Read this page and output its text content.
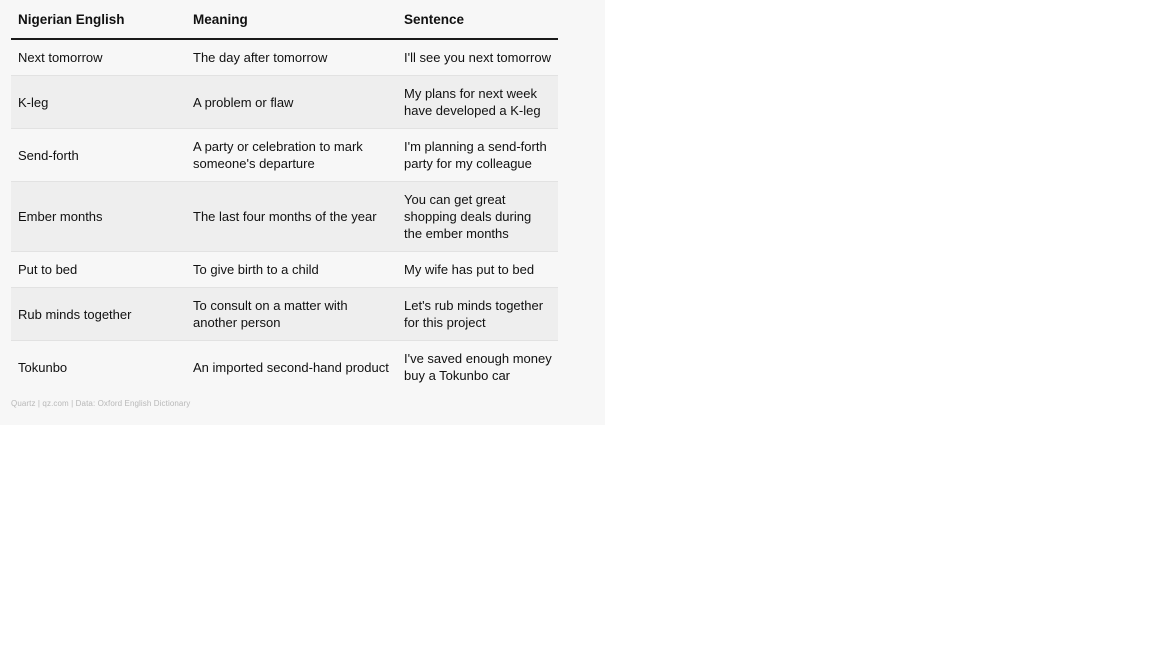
Nigerian English	Meaning	Sentence
Next tomorrow	The day after tomorrow	I'll see you next tomorrow
K-leg	A problem or flaw	My plans for next week have developed a K-leg
Send-forth	A party or celebration to mark someone's departure	I'm planning a send-forth party for my colleague
Ember months	The last four months of the year	You can get great shopping deals during the ember months
Put to bed	To give birth to a child	My wife has put to bed
Rub minds together	To consult on a matter with another person	Let's rub minds together for this project
Tokunbo	An imported second-hand product	I've saved enough money buy a Tokunbo car
Quartz | qz.com | Data: Oxford English Dictionary
